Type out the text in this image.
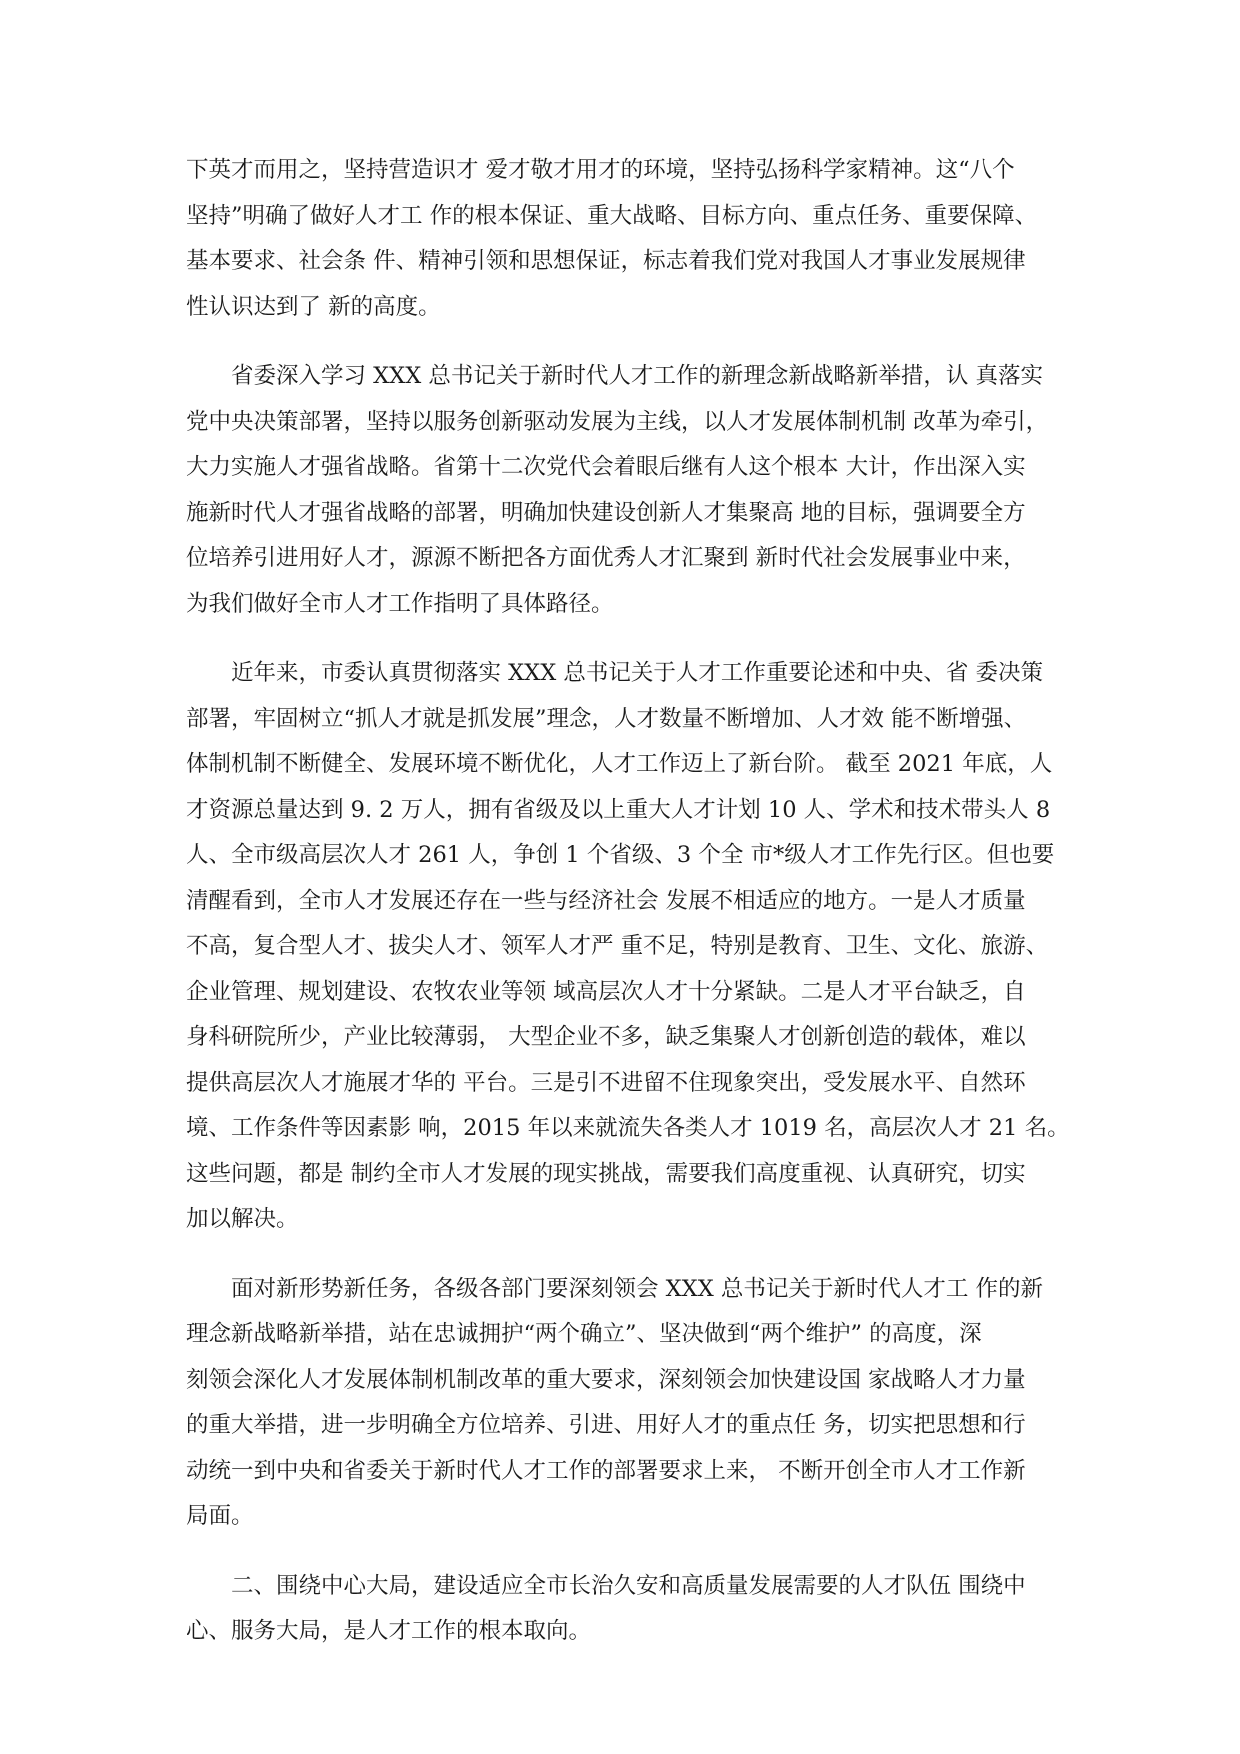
下英才而用之，坚持营造识才 爱才敬才用才的环境，坚持弘扬科学家精神。这“八个
坚持”明确了做好人才工 作的根本保证、重大战略、目标方向、重点任务、重要保障、
基本要求、社会条 件、精神引领和思想保证，标志着我们党对我国人才事业发展规律
性认识达到了 新的高度。
省委深入学习 XXX 总书记关于新时代人才工作的新理念新战略新举措，认 真落实
党中央决策部署，坚持以服务创新驱动发展为主线，以人才发展体制机制 改革为牵引，
大力实施人才强省战略。省第十二次党代会着眼后继有人这个根本 大计，作出深入实
施新时代人才强省战略的部署，明确加快建设创新人才集聚高 地的目标，强调要全方
位培养引进用好人才，源源不断把各方面优秀人才汇聚到 新时代社会发展事业中来，
为我们做好全市人才工作指明了具体路径。
近年来，市委认真贯彻落实 XXX 总书记关于人才工作重要论述和中央、省 委决策
部署，牢固树立“抓人才就是抓发展”理念，人才数量不断增加、人才效 能不断增强、
体制机制不断健全、发展环境不断优化，人才工作迈上了新台阶。 截至 2021 年底，人
才资源总量达到 9. 2 万人，拥有省级及以上重大人才计划 10 人、学术和技术带头人 8
人、全市级高层次人才 261 人，争创 1 个省级、3 个全 市*级人才工作先行区。但也要
清醒看到，全市人才发展还存在一些与经济社会 发展不相适应的地方。一是人才质量
不高，复合型人才、拔尖人才、领军人才严 重不足，特别是教育、卫生、文化、旅游、
企业管理、规划建设、农牧农业等领 域高层次人才十分紧缺。二是人才平台缺乏，自
身科研院所少，产业比较薄弱， 大型企业不多，缺乏集聚人才创新创造的载体，难以
提供高层次人才施展才华的 平台。三是引不进留不住现象突出，受发展水平、自然环
境、工作条件等因素影 响，2015 年以来就流失各类人才 1019 名，高层次人才 21 名。
这些问题，都是 制约全市人才发展的现实挑战，需要我们高度重视、认真研究，切实
加以解决。
面对新形势新任务，各级各部门要深刻领会 XXX 总书记关于新时代人才工 作的新
理念新战略新举措，站在忠诚拥护“两个确立”、坚决做到“两个维护” 的高度，深
刻领会深化人才发展体制机制改革的重大要求，深刻领会加快建设国 家战略人才力量
的重大举措，进一步明确全方位培养、引进、用好人才的重点任 务，切实把思想和行
动统一到中央和省委关于新时代人才工作的部署要求上来， 不断开创全市人才工作新
局面。
二、围绕中心大局，建设适应全市长治久安和高质量发展需要的人才队伍 围绕中
心、服务大局，是人才工作的根本取向。
